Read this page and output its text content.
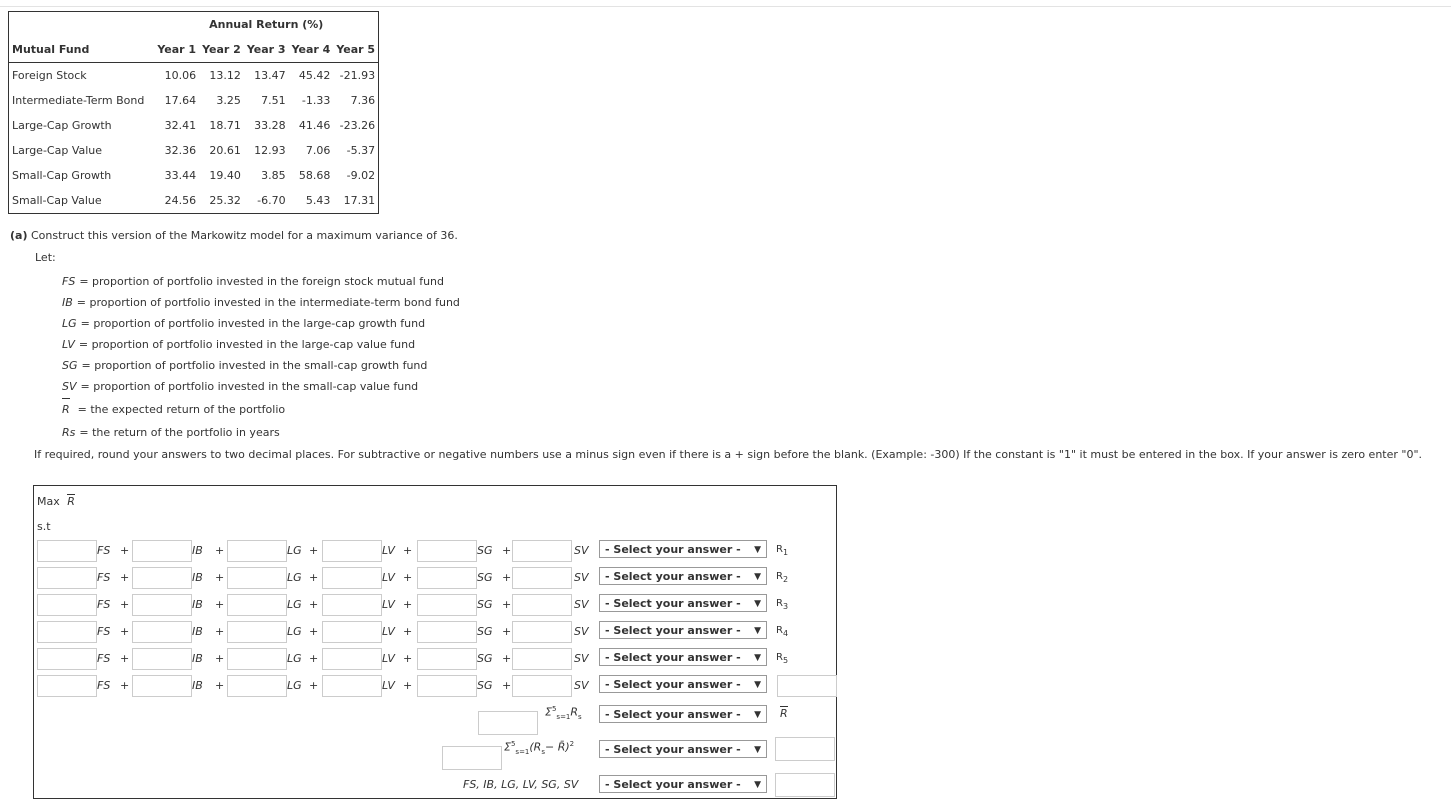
	Annual Return (%)				
Mutual Fund	Year 1	Year 2	Year 3	Year 4	Year 5
Foreign Stock	10.06	13.12	13.47	45.42	-21.93
Intermediate-Term Bond	17.64	3.25	7.51	-1.33	7.36
Large-Cap Growth	32.41	18.71	33.28	41.46	-23.26
Large-Cap Value	32.36	20.61	12.93	7.06	-5.37
Small-Cap Growth	33.44	19.40	3.85	58.68	-9.02
Small-Cap Value	24.56	25.32	-6.70	5.43	17.31
(a) Construct this version of the Markowitz model for a maximum variance of 36.
Let:
FS = proportion of portfolio invested in the foreign stock mutual fund
IB = proportion of portfolio invested in the intermediate-term bond fund
LG = proportion of portfolio invested in the large-cap growth fund
LV = proportion of portfolio invested in the large-cap value fund
SG = proportion of portfolio invested in the small-cap growth fund
SV = proportion of portfolio invested in the small-cap value fund
R = the expected return of the portfolio
Rs = the return of the portfolio in years
If required, round your answers to two decimal places. For subtractive or negative numbers use a minus sign even if there is a + sign before the blank. (Example: -300) If the constant is "1" it must be entered in the box. If your answer is zero enter "0".
Max R
s.t
FS +	IB +	LG +	LV +	SG +	SV	- Select your answer - ▼ $R_1$
FS +	IB +	LG +	LV +	SG +	SV	- Select your answer - ▼ $R_2$
FS +	IB +	LG +	LV +	SG +	SV	- Select your answer - ▼ $R_3$
FS +	IB +	LG +	LV +	SG +	SV	- Select your answer - ▼ $R_4$
FS +	IB +	LG +	LV +	SG +	SV	- Select your answer - ▼ $R_5$
FS +	IB +	LG +	LV +	SG +	SV	- Select your answer - ▼
$\Sigma^5_{s=1}R_s$	- Select your answer - ▼ R
$\Sigma^5_{s=1}(R_s-$ R̄)$^2$	- Select your answer - ▼
FS, IB, LG, LV, SG, SV	- Select your answer - ▼
